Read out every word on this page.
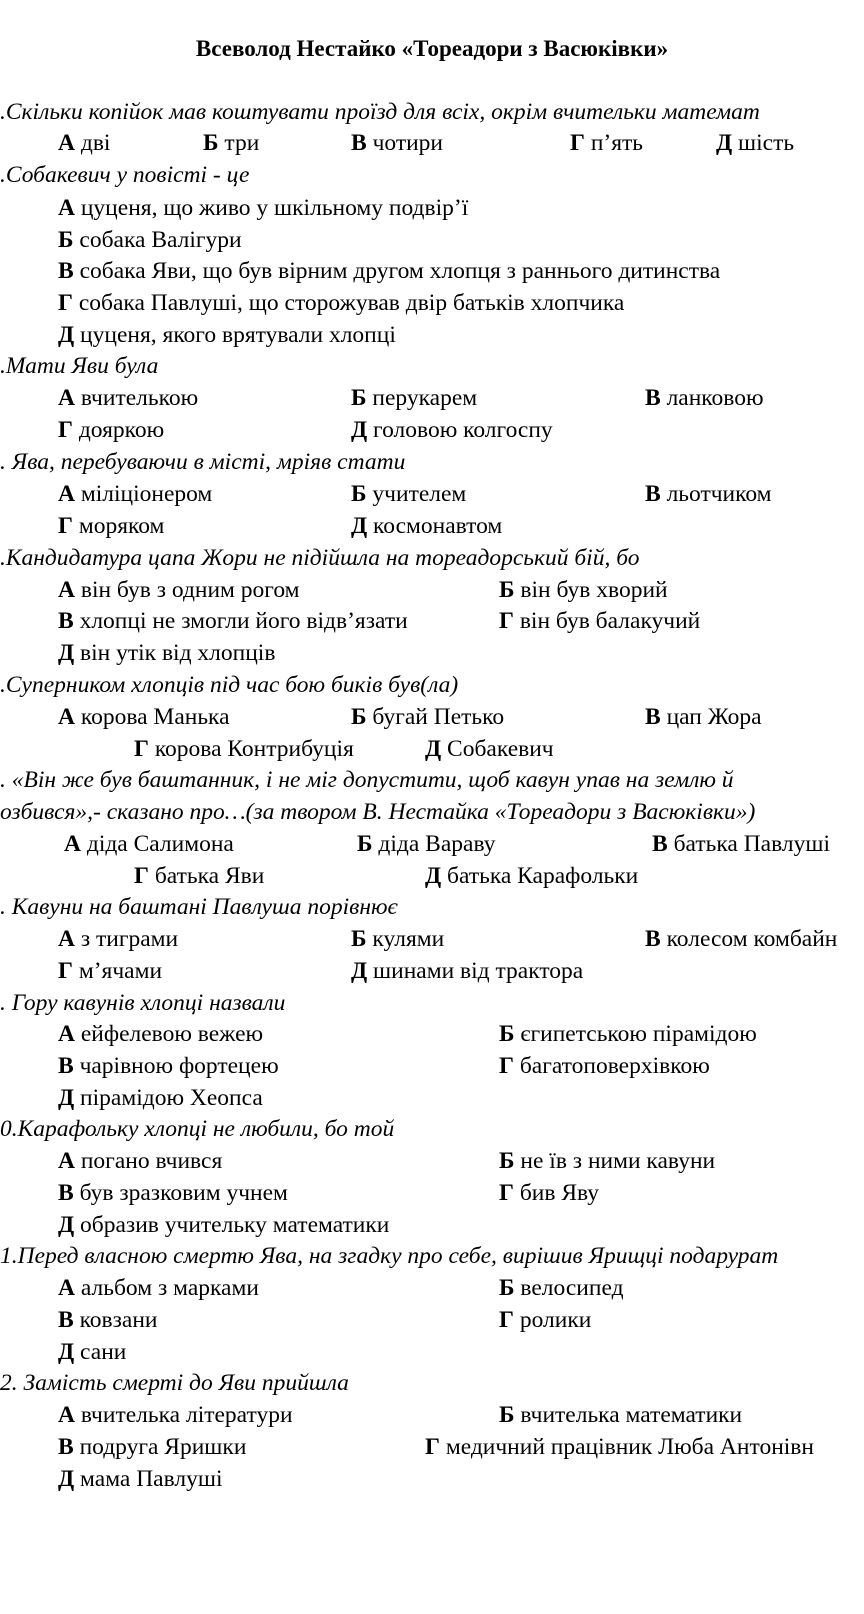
Всеволод Нестайко «Тореадори з Васюківки»
.Скільки копійок мав коштувати проїзд для всіх, окрім вчительки математ
А дві	Б три	В чотири	Г п’ять	Д шість
.Собакевич у повісті - це
А цуценя, що живо у шкільному подвір’ї
Б собака Валігури
В собака Яви, що був вірним другом хлопця з раннього дитинства
Г собака Павлуші, що сторожував двір батьків хлопчика
Д цуценя, якого врятували хлопці
.Мати Яви була
А вчителькою	Б перукарем	В ланковою
Г дояркою	Д головою колгоспу
. Ява, перебуваючи в місті, мріяв стати
А міліціонером	Б учителем	В льотчиком
Г моряком	Д космонавтом
.Кандидатура цапа Жори не підійшла на тореадорський бій, бо
А він був з одним рогом	Б він був хворий
В хлопці не змогли його відв’язати	Г він був балакучий
Д він утік від хлопців
.Суперником хлопців під час бою биків був(ла)
А корова Манька	Б бугай Петько	В цап Жора
Г корова Контрибуція	Д Собакевич
. «Він же був баштанник, і не міг допустити, щоб кавун упав на землю й
озбився»,- сказано про…(за твором В. Нестайка «Тореадори з Васюківки»)
А діда Салимона	Б діда Вараву	В батька Павлуші
Г батька Яви	Д батька Карафольки
. Кавуни на баштані Павлуша порівнює
А з тиграми	Б кулями	В колесом комбайн
Г м’ячами	Д шинами від трактора
. Гору кавунів хлопці назвали
А ейфелевою вежею	Б єгипетською пірамідою
В чарівною фортецею	Г багатоповерхівкою
Д пірамідою Хеопса
0.Карафольку хлопці не любили, бо той
А погано вчився	Б не їв з ними кавуни
В був зразковим учнем	Г бив Яву
Д образив учительку математики
1.Перед власною смертю Ява, на згадку про себе, вирішив Ярищці подарурат
А альбом з марками	Б велосипед
В ковзани	Г ролики
Д сани
2. Замість смерті до Яви прийшла
А вчителька літератури	Б вчителька математики
В подруга Яришки	Г медичний працівник Люба Антонівн
Д мама Павлуші
